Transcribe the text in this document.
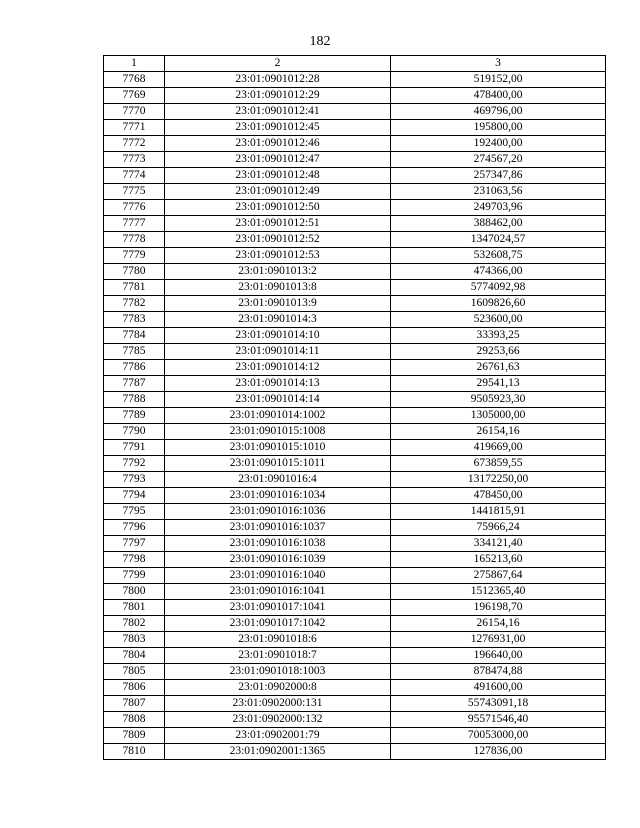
182
1	2	3
7768	23:01:0901012:28	519152,00
7769	23:01:0901012:29	478400,00
7770	23:01:0901012:41	469796,00
7771	23:01:0901012:45	195800,00
7772	23:01:0901012:46	192400,00
7773	23:01:0901012:47	274567,20
7774	23:01:0901012:48	257347,86
7775	23:01:0901012:49	231063,56
7776	23:01:0901012:50	249703,96
7777	23:01:0901012:51	388462,00
7778	23:01:0901012:52	1347024,57
7779	23:01:0901012:53	532608,75
7780	23:01:0901013:2	474366,00
7781	23:01:0901013:8	5774092,98
7782	23:01:0901013:9	1609826,60
7783	23:01:0901014:3	523600,00
7784	23:01:0901014:10	33393,25
7785	23:01:0901014:11	29253,66
7786	23:01:0901014:12	26761,63
7787	23:01:0901014:13	29541,13
7788	23:01:0901014:14	9505923,30
7789	23:01:0901014:1002	1305000,00
7790	23:01:0901015:1008	26154,16
7791	23:01:0901015:1010	419669,00
7792	23:01:0901015:1011	673859,55
7793	23:01:0901016:4	13172250,00
7794	23:01:0901016:1034	478450,00
7795	23:01:0901016:1036	1441815,91
7796	23:01:0901016:1037	75966,24
7797	23:01:0901016:1038	334121,40
7798	23:01:0901016:1039	165213,60
7799	23:01:0901016:1040	275867,64
7800	23:01:0901016:1041	1512365,40
7801	23:01:0901017:1041	196198,70
7802	23:01:0901017:1042	26154,16
7803	23:01:0901018:6	1276931,00
7804	23:01:0901018:7	196640,00
7805	23:01:0901018:1003	878474,88
7806	23:01:0902000:8	491600,00
7807	23:01:0902000:131	55743091,18
7808	23:01:0902000:132	95571546,40
7809	23:01:0902001:79	70053000,00
7810	23:01:0902001:1365	127836,00
